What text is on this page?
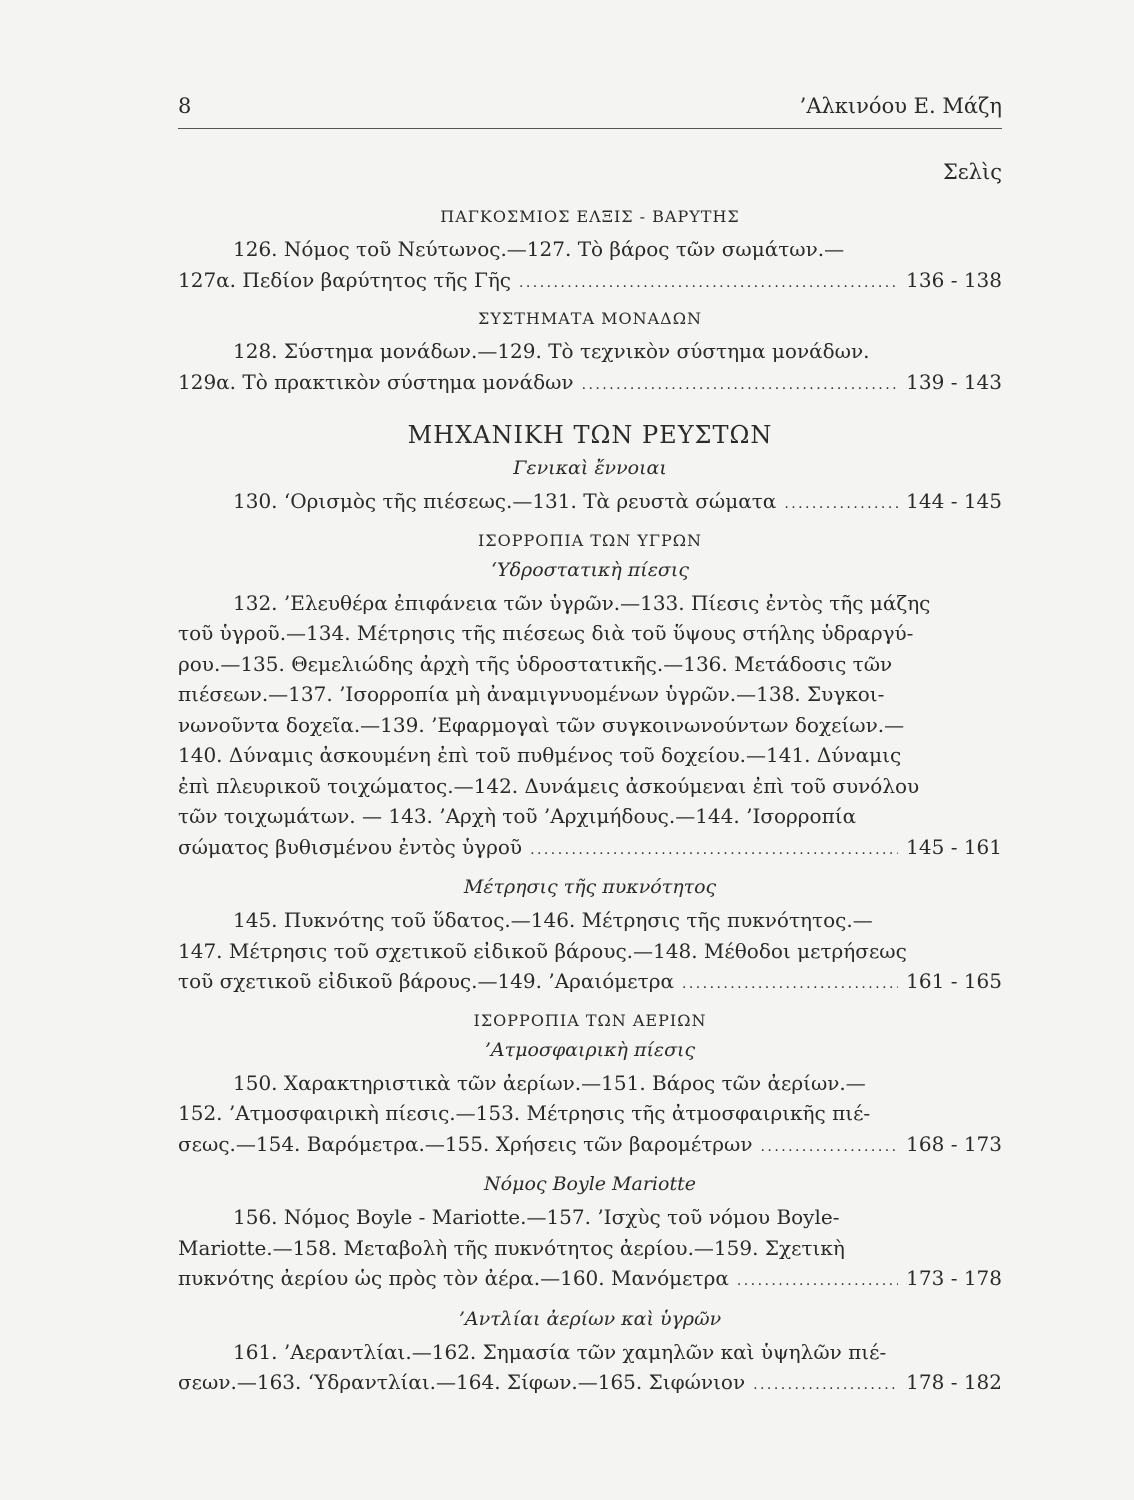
8	’Αλκινόου Ε. Μάζη
Σελὶς
ΠΑΓΚΟΣΜΙΟΣ ΕΛΞΙΣ - ΒΑΡΥΤΗΣ
126. Νόμος τοῦ Νεύτωνος.—127. Τὸ βάρος τῶν σωμάτων.—
127α. Πεδίον βαρύτητος τῆς Γῆς . . .	136 - 138
ΣΥΣΤΗΜΑΤΑ ΜΟΝΑΔΩΝ
128. Σύστημα μονάδων.—129. Τὸ τεχνικὸν σύστημα μονάδων.
129α. Τὸ πρακτικὸν σύστημα μονάδων . . .	139 - 143
ΜΗΧΑΝΙΚΗ ΤΩΝ ΡΕΥΣΤΩΝ
Γενικαὶ ἔννοιαι
130. ‘Ορισμὸς τῆς πιέσεως.—131. Τὰ ρευστὰ σώματα . . .	144 - 145
ΙΣΟΡΡΟΠΙΑ ΤΩΝ ΥΓΡΩΝ
‘Υδροστατικὴ πίεσις
132. ’Ελευθέρα ἐπιφάνεια τῶν ὑγρῶν.—133. Πίεσις ἐντὸς τῆς μάζης
τοῦ ὑγροῦ.—134. Μέτρησις τῆς πιέσεως διὰ τοῦ ὕψους στήλης ὑδραργύ-
ρου.—135. Θεμελιώδης ἀρχὴ τῆς ὑδροστατικῆς.—136. Μετάδοσις τῶν
πιέσεων.—137. ’Ισορροπία μὴ ἀναμιγνυομένων ὑγρῶν.—138. Συγκοι-
νωνοῦντα δοχεῖα.—139. ’Εφαρμογαὶ τῶν συγκοινωνούντων δοχείων.—
140. Δύναμις ἀσκουμένη ἐπὶ τοῦ πυθμένος τοῦ δοχείου.—141. Δύναμις
ἐπὶ πλευρικοῦ τοιχώματος.—142. Δυνάμεις ἀσκούμεναι ἐπὶ τοῦ συνόλου
τῶν τοιχωμάτων. — 143. ’Αρχὴ τοῦ ’Αρχιμήδους.—144. ’Ισορροπία
σώματος βυθισμένου ἐντὸς ὑγροῦ . . .	145 - 161
Μέτρησις τῆς πυκνότητος
145. Πυκνότης τοῦ ὕδατος.—146. Μέτρησις τῆς πυκνότητος.—
147. Μέτρησις τοῦ σχετικοῦ εἰδικοῦ βάρους.—148. Μέθοδοι μετρήσεως
τοῦ σχετικοῦ εἰδικοῦ βάρους.—149. ’Αραιόμετρα . . .	161 - 165
ΙΣΟΡΡΟΠΙΑ ΤΩΝ ΑΕΡΙΩΝ
’Ατμοσφαιρικὴ πίεσις
150. Χαρακτηριστικὰ τῶν ἀερίων.—151. Βάρος τῶν ἀερίων.—
152. ’Ατμοσφαιρικὴ πίεσις.—153. Μέτρησις τῆς ἀτμοσφαιρικῆς πιέ-
σεως.—154. Βαρόμετρα.—155. Χρήσεις τῶν βαρομέτρων . . .	168 - 173
Νόμος Boyle Mariotte
156. Νόμος Boyle - Mariotte.—157. ’Ισχὺς τοῦ νόμου Boyle-
Mariotte.—158. Μεταβολὴ τῆς πυκνότητος ἀερίου.—159. Σχετικὴ
πυκνότης ἀερίου ὡς πρὸς τὸν ἀέρα.—160. Μανόμετρα . . .	173 - 178
’Αντλίαι ἀερίων καὶ ὑγρῶν
161. ’Αεραντλίαι.—162. Σημασία τῶν χαμηλῶν καὶ ὑψηλῶν πιέ-
σεων.—163. ‘Υδραντλίαι.—164. Σίφων.—165. Σιφώνιον . . .	178 - 182
